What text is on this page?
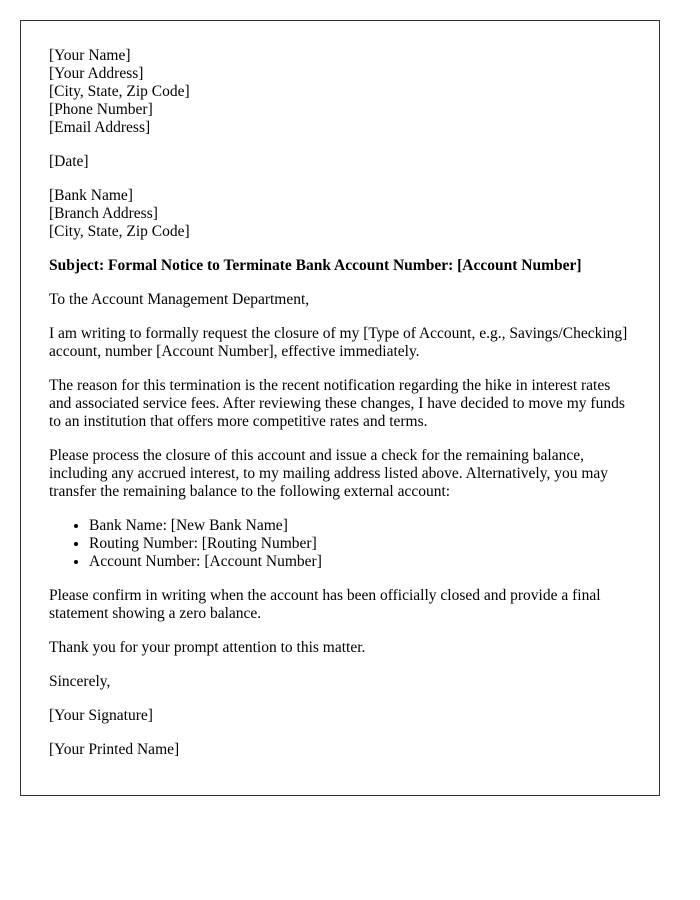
[Your Name]
[Your Address]
[City, State, Zip Code]
[Phone Number]
[Email Address]
[Date]
[Bank Name]
[Branch Address]
[City, State, Zip Code]
Subject: Formal Notice to Terminate Bank Account Number: [Account Number]
To the Account Management Department,
I am writing to formally request the closure of my [Type of Account, e.g., Savings/Checking] account, number [Account Number], effective immediately.
The reason for this termination is the recent notification regarding the hike in interest rates and associated service fees. After reviewing these changes, I have decided to move my funds to an institution that offers more competitive rates and terms.
Please process the closure of this account and issue a check for the remaining balance, including any accrued interest, to my mailing address listed above. Alternatively, you may transfer the remaining balance to the following external account:
• Bank Name: [New Bank Name]
• Routing Number: [Routing Number]
• Account Number: [Account Number]
Please confirm in writing when the account has been officially closed and provide a final statement showing a zero balance.
Thank you for your prompt attention to this matter.
Sincerely,
[Your Signature]
[Your Printed Name]
